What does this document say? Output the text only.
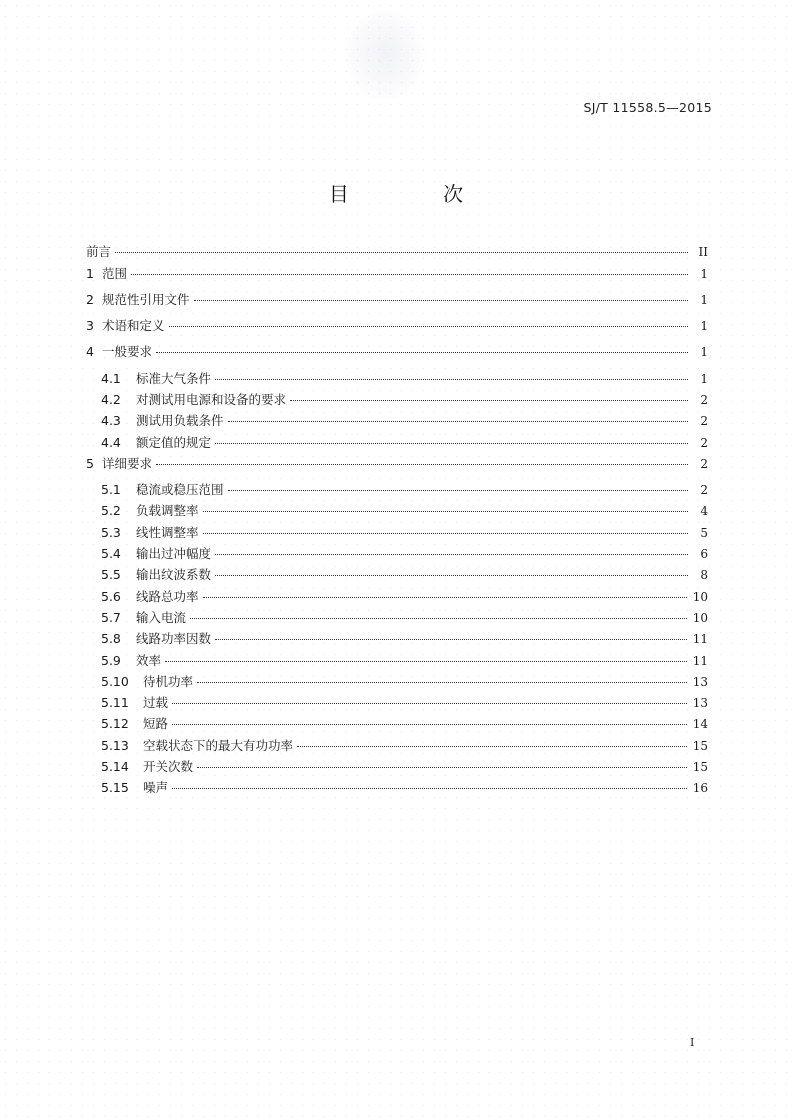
SJ/T 11558.5—2015
目 次
前言	II
1 范围	1
2 规范性引用文件	1
3 术语和定义	1
4 一般要求	1
4.1	标准大气条件	1
4.2	对测试用电源和设备的要求	2
4.3	测试用负载条件	2
4.4	额定值的规定	2
5 详细要求	2
5.1	稳流或稳压范围	2
5.2	负载调整率	4
5.3	线性调整率	5
5.4	输出过冲幅度	6
5.5	输出纹波系数	8
5.6	线路总功率	10
5.7	输入电流	10
5.8	线路功率因数	11
5.9	效率	11
5.10	待机功率	13
5.11	过载	13
5.12	短路	14
5.13	空载状态下的最大有功功率	15
5.14	开关次数	15
5.15	噪声	16
I
